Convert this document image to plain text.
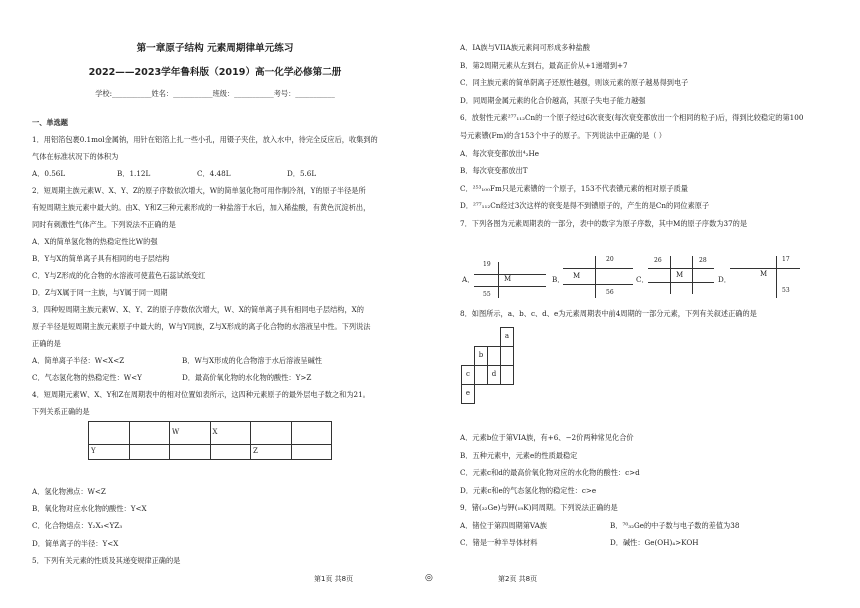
第一章原子结构 元素周期律单元练习
2022——2023学年鲁科版（2019）高一化学必修第二册
学校:___________姓名：___________班级：___________考号：___________
一、单选题
1．用铝箔包裹0.1mol金属钠，用针在铝箔上扎一些小孔，用镊子夹住，放入水中，待完全反应后，收集到的
气体在标准状况下的体积为
A．0.56L	B．1.12L	C．4.48L	D．5.6L
2．短周期主族元素W、X、Y、Z的原子序数依次增大，W的简单氢化物可用作制冷剂，Y的原子半径是所
有短周期主族元素中最大的。由X、Y和Z三种元素形成的一种盐溶于水后，加入稀盐酸，有黄色沉淀析出，
同时有刺激性气体产生。下列说法不正确的是
A．X的简单氢化物的热稳定性比W的强
B．Y与X的简单离子具有相同的电子层结构
C．Y与Z形成的化合物的水溶液可使蓝色石蕊试纸变红
D．Z与X属于同一主族，与Y属于同一周期
3．四种短周期主族元素W、X、Y、Z的原子序数依次增大，W、X的简单离子具有相同电子层结构，X的
原子半径是短周期主族元素原子中最大的，W与Y同族，Z与X形成的离子化合物的水溶液呈中性。下列说法
正确的是
A．简单离子半径：W<X<Z	B．W与X形成的化合物溶于水后溶液呈碱性
C．气态氢化物的热稳定性：W<Y	D．最高价氧化物的水化物的酸性：Y>Z
4．短周期元素W、X、Y和Z在周期表中的相对位置如表所示，这四种元素原子的最外层电子数之和为21。
下列关系正确的是
		W	X		
Y				Z	
A．氢化物沸点：W<Z
B．氧化物对应水化物的酸性：Y<X
C．化合物熔点：Y₂X₃<YZ₃
D．简单离子的半径：Y<X
5．下列有关元素的性质及其递变规律正确的是
第1页 共8页	◎
A．IA族与VIIA族元素间可形成多种盐酸
B．第2周期元素从左到右，最高正价从+1递增到+7
C．同主族元素的简单阴离子还原性越强，则该元素的原子越易得到电子
D．同周期金属元素的化合价越高，其原子失电子能力越强
6．放射性元素²⁷⁷₁₁₂Cn的一个原子经过6次衰变(每次衰变都放出一个相同的粒子)后，得到比较稳定的第100
号元素镄(Fm)的含153个中子的原子。下列说法中正确的是（ ）
A．每次衰变都放出⁴₂He
B．每次衰变都放出T
C．²⁵³₁₀₀Fm只是元素镄的一个原子，153不代表镄元素的相对原子质量
D．²⁷⁷₁₁₂Cn经过3次这样的衰变是得不到镄原子的，产生的是Cn的同位素原子
7．下列各图为元素周期表的一部分，表中的数字为原子序数，其中M的原子序数为37的是
A．
19
M
55
B．
20
M
56
C．
26	28
M	D．
17
M
53
8．如图所示，a、b、c、d、e为元素周期表中前4周期的一部分元素，下列有关叙述正确的是
			a
	b		
c		d	
e			
A．元素b位于第VIA族，有+6、−2价两种常见化合价
B．五种元素中，元素e的性质最稳定
C．元素c和d的最高价氧化物对应的水化物的酸性：c>d
D．元素c和e的气态氢化物的稳定性：c>e
9．锗(₃₂Ge)与钾(₁₉K)同周期。下列说法正确的是
A．锗位于第四周期第VA族	B．⁷⁰₃₂Ge的中子数与电子数的差值为38
C．锗是一种半导体材料	D．碱性：Ge(OH)₄>KOH
第2页 共8页
